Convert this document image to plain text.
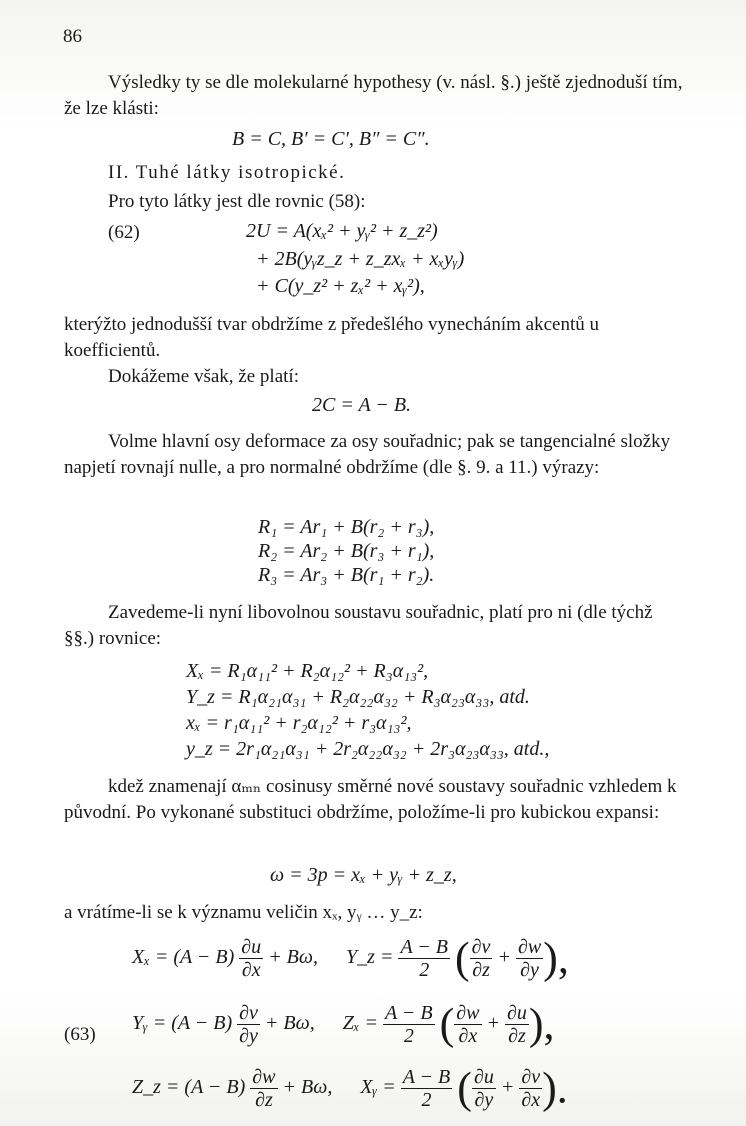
86
Výsledky ty se dle molekularné hypothesy (v. násl. §.) ještě zjednoduší tím, že lze klásti:
B = C, B′ = C′, B″ = C″.
II. Tuhé látky isotropické.
Pro tyto látky jest dle rovnic (58):
(62)	2U = A(xₓ² + yᵧ² + z_z²)
+ 2B(yᵧz_z + z_zxₓ + xₓyᵧ)
+ C(y_z² + zₓ² + xᵧ²),
kterýžto jednodušší tvar obdržíme z předešlého vynecháním akcentů u koefficientů.
Dokážeme však, že platí:
2C = A − B.
Volme hlavní osy deformace za osy souřadnic; pak se tangencialné složky napjetí rovnají nulle, a pro normalné obdržíme (dle §. 9. a 11.) výrazy:
R₁ = Ar₁ + B(r₂ + r₃),
R₂ = Ar₂ + B(r₃ + r₁),
R₃ = Ar₃ + B(r₁ + r₂).
Zavedeme-li nyní libovolnou soustavu souřadnic, platí pro ni (dle týchž §§.) rovnice:
Xₓ = R₁α₁₁² + R₂α₁₂² + R₃α₁₃²,
Y_z = R₁α₂₁α₃₁ + R₂α₂₂α₃₂ + R₃α₂₃α₃₃, atd.
xₓ = r₁α₁₁² + r₂α₁₂² + r₃α₁₃²,
y_z = 2r₁α₂₁α₃₁ + 2r₂α₂₂α₃₂ + 2r₃α₂₃α₃₃, atd.,
kdež znamenají αₘₙ cosinusy směrné nové soustavy souřadnic vzhledem k původní. Po vykonané substituci obdržíme, položíme-li pro kubickou expansi:
ω = 3p = xₓ + yᵧ + z_z,
a vrátíme-li se k významu veličin xₓ, yᵧ … y_z:
(63)
$X_x = (A - B) \frac{\partial u}{\partial x} + B\omega$, Y_z = $\frac{A - B}{2}$ ( $\frac{\partial v}{\partial z} + \frac{\partial w}{\partial y}$ ),
Yᵧ = $(A - B) \frac{\partial v}{\partial y} + B\omega$, $Z_x = \frac{A - B}{2}$ ( $\frac{\partial w}{\partial x} + \frac{\partial u}{\partial z}$ ),
Z_z = $(A - B) \frac{\partial w}{\partial z} + B\omega$, Xᵧ = $\frac{A - B}{2}$ ( $\frac{\partial u}{\partial y} + \frac{\partial v}{\partial x}$ ).
